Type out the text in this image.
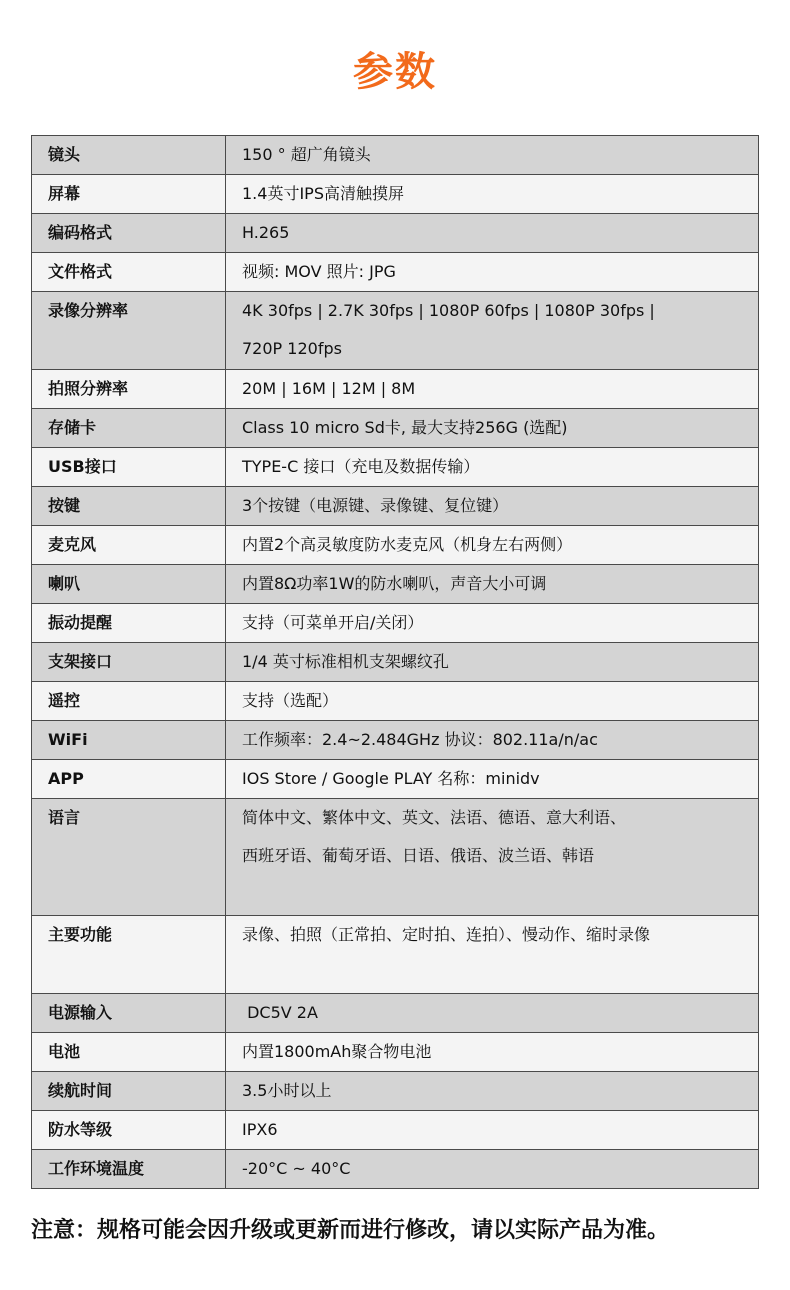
参数
镜头	150 ° 超广角镜头
屏幕	1.4英寸IPS高清触摸屏
编码格式	H.265
文件格式	视频: MOV 照片: JPG
录像分辨率	4K 30fps | 2.7K 30fps | 1080P 60fps | 1080P 30fps |
720P 120fps

拍照分辨率	20M | 16M | 12M | 8M
存储卡	Class 10 micro Sd卡, 最大支持256G (选配)
USB接口	TYPE-C 接口（充电及数据传输）
按键	3个按键（电源键、录像键、复位键）
麦克风	内置2个高灵敏度防水麦克风（机身左右两侧）
喇叭	内置8Ω功率1W的防水喇叭，声音大小可调
振动提醒	支持（可菜单开启/关闭）
支架接口	1/4 英寸标准相机支架螺纹孔
遥控	支持（选配）
WiFi	工作频率：2.4~2.484GHz 协议：802.11a/n/ac
APP	IOS Store / Google PLAY 名称：minidv
语言	简体中文、繁体中文、英文、法语、德语、意大利语、
西班牙语、葡萄牙语、日语、俄语、波兰语、韩语

主要功能	录像、拍照（正常拍、定时拍、连拍）、慢动作、缩时录像
电源输入	DC5V 2A
电池	内置1800mAh聚合物电池
续航时间	3.5小时以上
防水等级	IPX6
工作环境温度	-20°C ~ 40°C
注意：规格可能会因升级或更新而进行修改，请以实际产品为准。
